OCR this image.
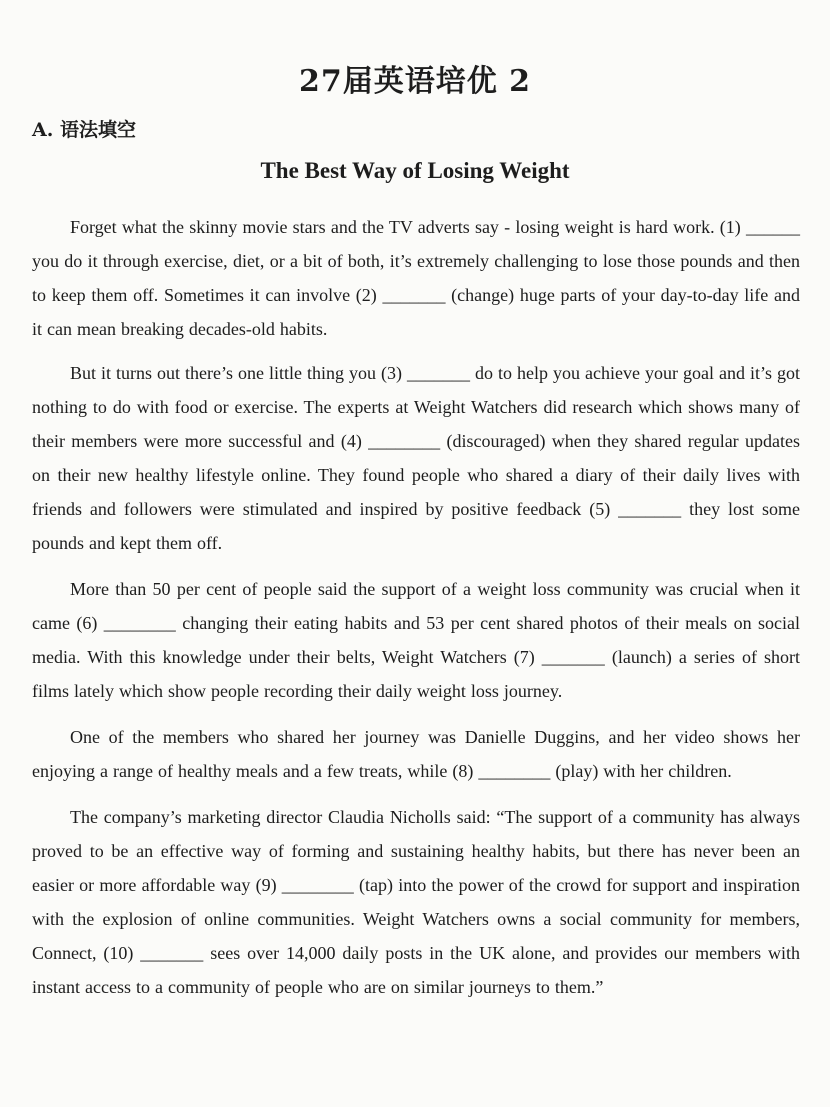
27届英语培优 2
A. 语法填空
The Best Way of Losing Weight

Forget what the skinny movie stars and the TV adverts say - losing weight is hard work. (1) ______ you do it through exercise, diet, or a bit of both, it’s extremely challenging to lose those pounds and then to keep them off. Sometimes it can involve (2) _______ (change) huge parts of your day-to-day life and it can mean breaking decades-old habits.

But it turns out there’s one little thing you (3) _______ do to help you achieve your goal and it’s got nothing to do with food or exercise. The experts at Weight Watchers did research which shows many of their members were more successful and (4) ________ (discouraged) when they shared regular updates on their new healthy lifestyle online. They found people who shared a diary of their daily lives with friends and followers were stimulated and inspired by positive feedback (5) _______ they lost some pounds and kept them off.

More than 50 per cent of people said the support of a weight loss community was crucial when it came (6) ________ changing their eating habits and 53 per cent shared photos of their meals on social media. With this knowledge under their belts, Weight Watchers (7) _______ (launch) a series of short films lately which show people recording their daily weight loss journey.

One of the members who shared her journey was Danielle Duggins, and her video shows her enjoying a range of healthy meals and a few treats, while (8) ________ (play) with her children.

The company’s marketing director Claudia Nicholls said: “The support of a community has always proved to be an effective way of forming and sustaining healthy habits, but there has never been an easier or more affordable way (9) ________ (tap) into the power of the crowd for support and inspiration with the explosion of online communities. Weight Watchers owns a social community for members, Connect, (10) _______ sees over 14,000 daily posts in the UK alone, and provides our members with instant access to a community of people who are on similar journeys to them.”
